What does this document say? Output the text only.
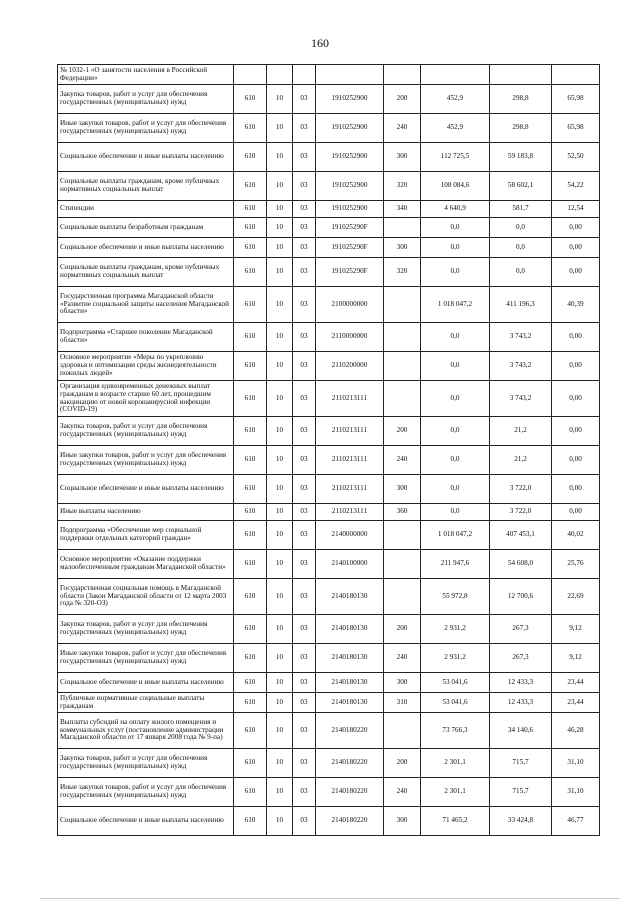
160
№ 1032-1 «О занятости населения в Российской Федерации»								
Закупка товаров, работ и услуг для обеспечения государственных (муниципальных) нужд	610	10	03	1910252900	200	452,9	298,8	65,98
Иные закупки товаров, работ и услуг для обеспечения государственных (муниципальных) нужд	610	10	03	1910252900	240	452,9	298,8	65,98
Социальное обеспечение и иные выплаты населению	610	10	03	1910252900	300	112 725,5	59 183,8	52,50
Социальные выплаты гражданам, кроме публичных нормативных социальных выплат	610	10	03	1910252900	320	108 084,6	58 602,1	54,22
Стипендии	610	10	03	1910252900	340	4 640,9	581,7	12,54
Социальные выплаты безработным гражданам	610	10	03	191025290F		0,0	0,0	0,00
Социальное обеспечение и иные выплаты населению	610	10	03	191025290F	300	0,0	0,0	0,00
Социальные выплаты гражданам, кроме публичных нормативных социальных выплат	610	10	03	191025290F	320	0,0	0,0	0,00
Государственная программа Магаданской области «Развитие социальной защиты населения Магаданской области»	610	10	03	2100000000		1 018 047,2	411 196,3	40,39
Подпрограмма «Старшее поколение Магаданской области»	610	10	03	2110000000		0,0	3 743,2	0,00
Основное мероприятие «Меры по укреплению здоровья и оптимизации среды жизнедеятельности пожилых людей»	610	10	03	2110200000		0,0	3 743,2	0,00
Организация единовременных денежных выплат гражданам в возрасте старше 60 лет, прошедшим вакцинацию от новой коронавирусной инфекции (COVID-19)	610	10	03	2110213111		0,0	3 743,2	0,00
Закупка товаров, работ и услуг для обеспечения государственных (муниципальных) нужд	610	10	03	2110213111	200	0,0	21,2	0,00
Иные закупки товаров, работ и услуг для обеспечения государственных (муниципальных) нужд	610	10	03	2110213111	240	0,0	21,2	0,00
Социальное обеспечение и иные выплаты населению	610	10	03	2110213111	300	0,0	3 722,0	0,00
Иные выплаты населению	610	10	03	2110213111	360	0,0	3 722,0	0,00
Подпрограмма «Обеспечение мер социальной поддержки отдельных категорий граждан»	610	10	03	2140000000		1 018 047,2	407 453,1	40,02
Основное мероприятие «Оказание поддержки малообеспеченным гражданам Магаданской области»	610	10	03	2140100000		211 947,6	54 608,0	25,76
Государственная социальная помощь в Магаданской области (Закон Магаданской области от 12 марта 2003 года № 320-ОЗ)	610	10	03	2140180130		55 972,8	12 700,6	22,69
Закупка товаров, работ и услуг для обеспечения государственных (муниципальных) нужд	610	10	03	2140180130	200	2 931,2	267,3	9,12
Иные закупки товаров, работ и услуг для обеспечения государственных (муниципальных) нужд	610	10	03	2140180130	240	2 931,2	267,3	9,12
Социальное обеспечение и иные выплаты населению	610	10	03	2140180130	300	53 041,6	12 433,3	23,44
Публичные нормативные социальные выплаты гражданам	610	10	03	2140180130	310	53 041,6	12 433,3	23,44
Выплаты субсидий на оплату жилого помещения и коммунальных услуг (постановление администрации Магаданской области от 17 января 2008 года № 9-па)	610	10	03	2140180220		73 766,3	34 140,6	46,28
Закупка товаров, работ и услуг для обеспечения государственных (муниципальных) нужд	610	10	03	2140180220	200	2 301,1	715,7	31,10
Иные закупки товаров, работ и услуг для обеспечения государственных (муниципальных) нужд	610	10	03	2140180220	240	2 301,1	715,7	31,10
Социальное обеспечение и иные выплаты населению	610	10	03	2140180220	300	71 465,2	33 424,8	46,77
